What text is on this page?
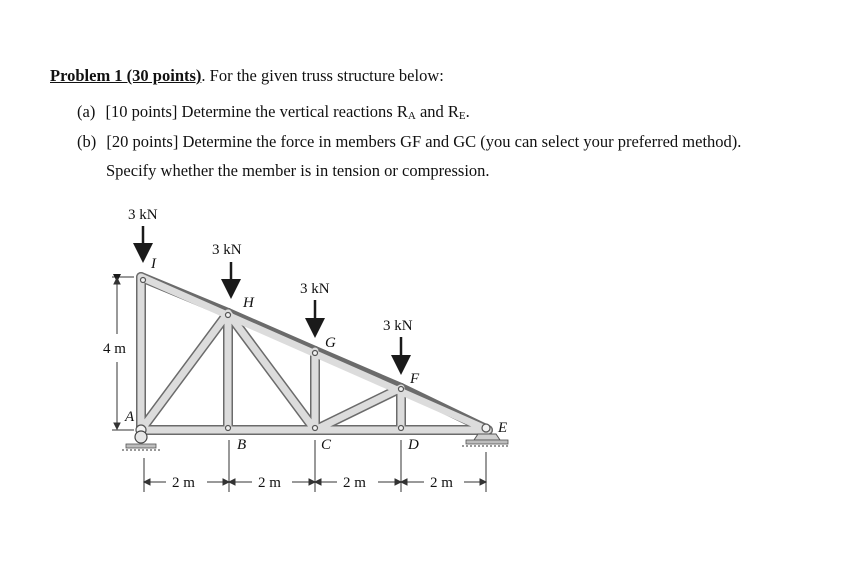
Problem 1 (30 points). For the given truss structure below:
(a) [10 points] Determine the vertical reactions RA and RE.
(b) [20 points] Determine the force in members GF and GC (you can select your preferred method).
Specify whether the member is in tension or compression.
3 kN
3 kN
3 kN
3 kN
I
H
G
F
A
B	C	D
E
4 m
2 m	2 m	2 m	2 m
